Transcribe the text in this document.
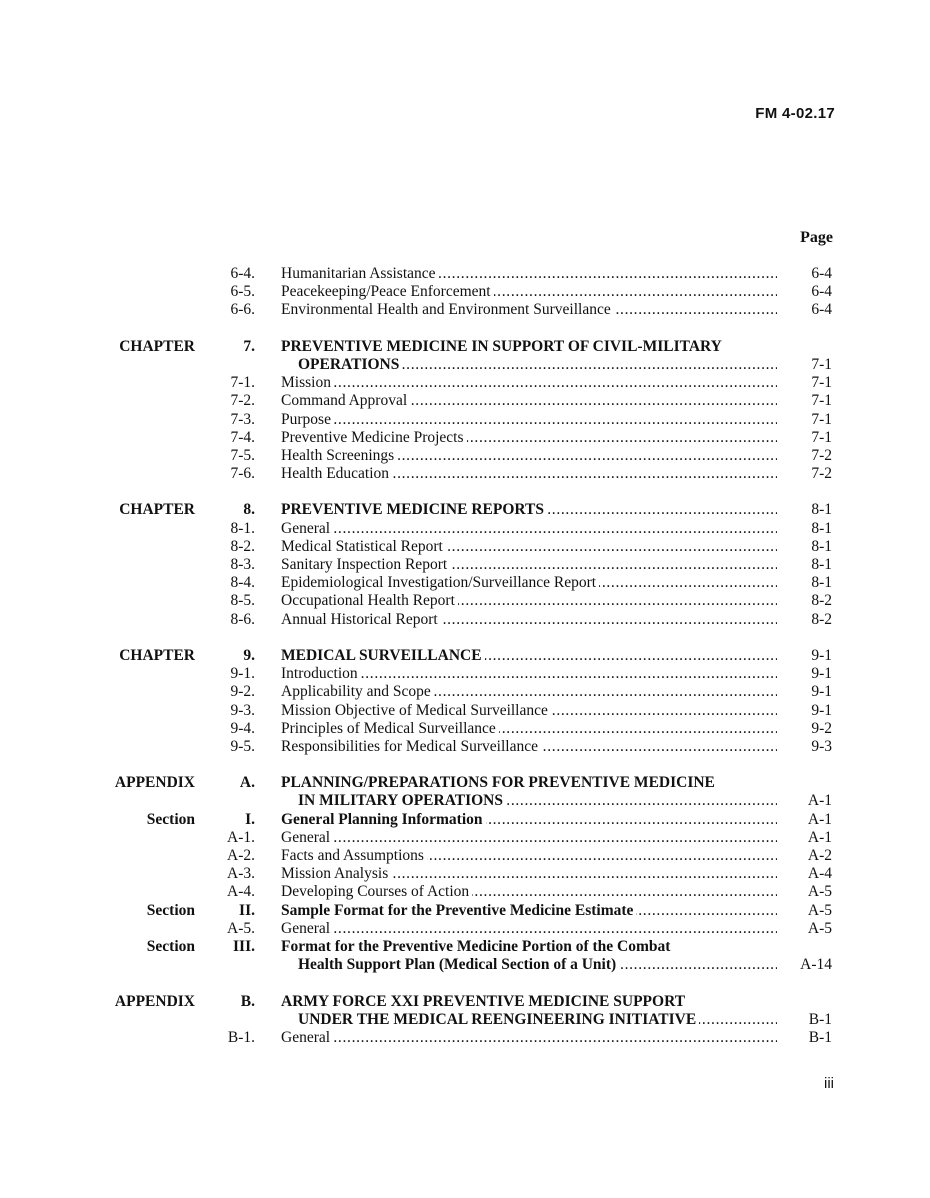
FM 4-02.17
Page
6-4. Humanitarian Assistance . . .	6-4
6-5. Peacekeeping/Peace Enforcement . . .	6-4
6-6. Environmental Health and Environment Surveillance . . .	6-4
CHAPTER	7. PREVENTIVE MEDICINE IN SUPPORT OF CIVIL-MILITARY
OPERATIONS . . .	7-1
7-1. Mission . . .	7-1
7-2. Command Approval . . .	7-1
7-3. Purpose . . .	7-1
7-4. Preventive Medicine Projects . . .	7-1
7-5. Health Screenings . . .	7-2
7-6. Health Education . . .	7-2
CHAPTER	8. PREVENTIVE MEDICINE REPORTS . . .	8-1
8-1. General . . .	8-1
8-2. Medical Statistical Report . . .	8-1
8-3. Sanitary Inspection Report . . .	8-1
8-4. Epidemiological Investigation/Surveillance Report . . .	8-1
8-5. Occupational Health Report . . .	8-2
8-6. Annual Historical Report . . .	8-2
CHAPTER	9. MEDICAL SURVEILLANCE . . .	9-1
9-1. Introduction . . .	9-1
9-2. Applicability and Scope . . .	9-1
9-3. Mission Objective of Medical Surveillance . . .	9-1
9-4. Principles of Medical Surveillance . . .	9-2
9-5. Responsibilities for Medical Surveillance . . .	9-3
APPENDIX	A. PLANNING/PREPARATIONS FOR PREVENTIVE MEDICINE
IN MILITARY OPERATIONS . . .	A-1
Section	I. General Planning Information . . .	A-1
A-1. General . . .	A-1
A-2. Facts and Assumptions . . .	A-2
A-3. Mission Analysis . . .	A-4
A-4. Developing Courses of Action . . .	A-5
Section	II. Sample Format for the Preventive Medicine Estimate . . .	A-5
A-5. General . . .	A-5
Section III. Format for the Preventive Medicine Portion of the Combat
Health Support Plan (Medical Section of a Unit) . . .	A-14
APPENDIX	B. ARMY FORCE XXI PREVENTIVE MEDICINE SUPPORT
UNDER THE MEDICAL REENGINEERING INITIATIVE . . .	B-1
B-1. General . . .	B-1
iii
